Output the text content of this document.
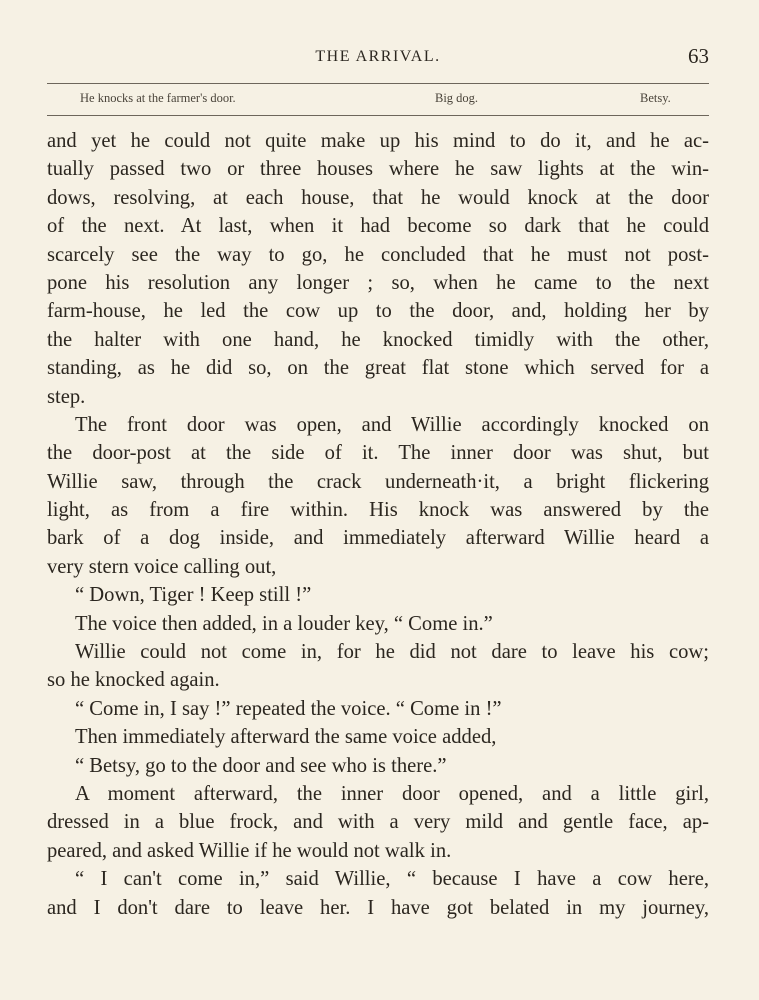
THE ARRIVAL.	63
He knocks at the farmer's door.	Big dog.	Betsy.
and yet he could not quite make up his mind to do it, and he ac-
tually passed two or three houses where he saw lights at the win-
dows, resolving, at each house, that he would knock at the door
of the next. At last, when it had become so dark that he could
scarcely see the way to go, he concluded that he must not post-
pone his resolution any longer ; so, when he came to the next
farm-house, he led the cow up to the door, and, holding her by
the halter with one hand, he knocked timidly with the other,
standing, as he did so, on the great flat stone which served for a
step.
The front door was open, and Willie accordingly knocked on
the door-post at the side of it. The inner door was shut, but
Willie saw, through the crack underneath·it, a bright flickering
light, as from a fire within. His knock was answered by the
bark of a dog inside, and immediately afterward Willie heard a
very stern voice calling out,
“ Down, Tiger ! Keep still !”
The voice then added, in a louder key, “ Come in.”
Willie could not come in, for he did not dare to leave his cow;
so he knocked again.
“ Come in, I say !” repeated the voice. “ Come in !”
Then immediately afterward the same voice added,
“ Betsy, go to the door and see who is there.”
A moment afterward, the inner door opened, and a little girl,
dressed in a blue frock, and with a very mild and gentle face, ap-
peared, and asked Willie if he would not walk in.
“ I can't come in,” said Willie, “ because I have a cow here,
and I don't dare to leave her. I have got belated in my journey,
